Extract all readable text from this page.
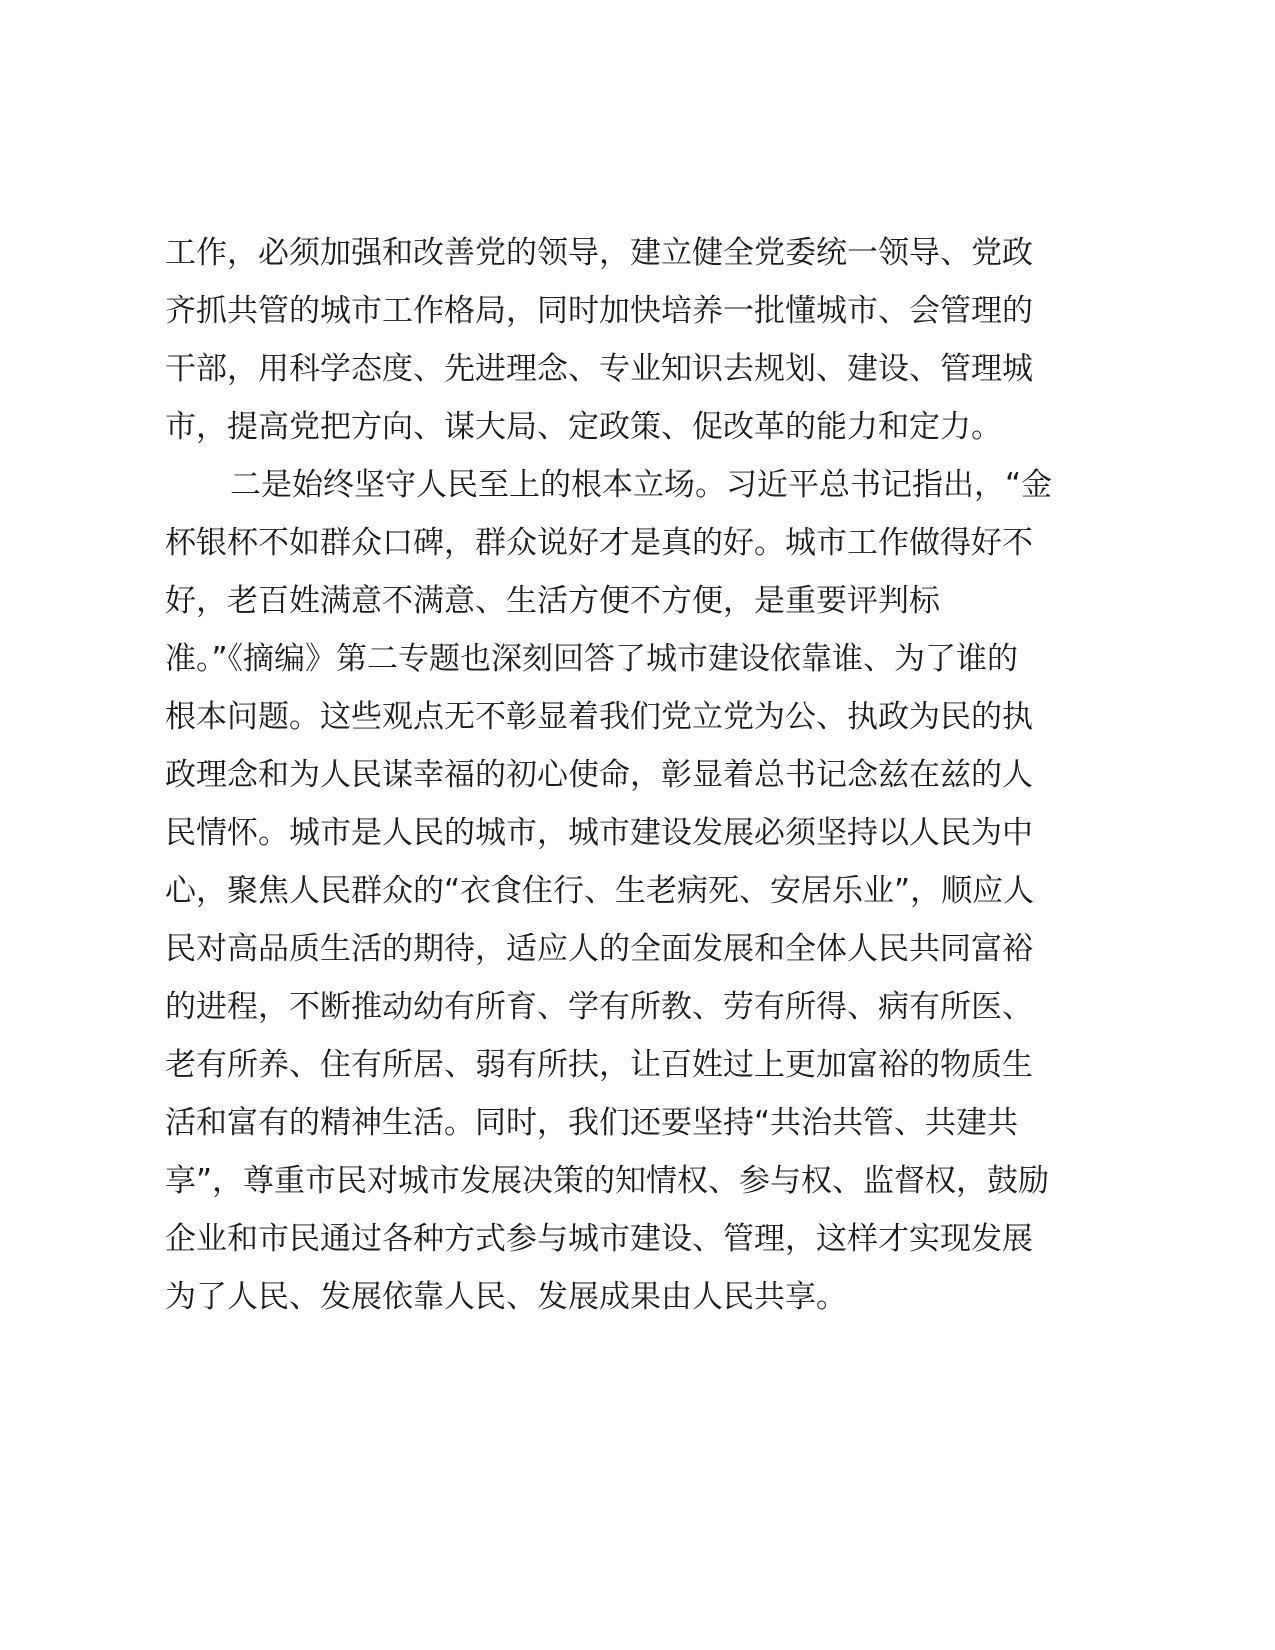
工作，必须加强和改善党的领导，建立健全党委统一领导、党政
齐抓共管的城市工作格局，同时加快培养一批懂城市、会管理的
干部，用科学态度、先进理念、专业知识去规划、建设、管理城
市，提高党把方向、谋大局、定政策、促改革的能力和定力。
二是始终坚守人民至上的根本立场。习近平总书记指出，“金
杯银杯不如群众口碑，群众说好才是真的好。城市工作做得好不
好，老百姓满意不满意、生活方便不方便，是重要评判标
准。”《摘编》第二专题也深刻回答了城市建设依靠谁、为了谁的
根本问题。这些观点无不彰显着我们党立党为公、执政为民的执
政理念和为人民谋幸福的初心使命，彰显着总书记念兹在兹的人
民情怀。城市是人民的城市，城市建设发展必须坚持以人民为中
心，聚焦人民群众的“衣食住行、生老病死、安居乐业”，顺应人
民对高品质生活的期待，适应人的全面发展和全体人民共同富裕
的进程，不断推动幼有所育、学有所教、劳有所得、病有所医、
老有所养、住有所居、弱有所扶，让百姓过上更加富裕的物质生
活和富有的精神生活。同时，我们还要坚持“共治共管、共建共
享”，尊重市民对城市发展决策的知情权、参与权、监督权，鼓励
企业和市民通过各种方式参与城市建设、管理，这样才实现发展
为了人民、发展依靠人民、发展成果由人民共享。
